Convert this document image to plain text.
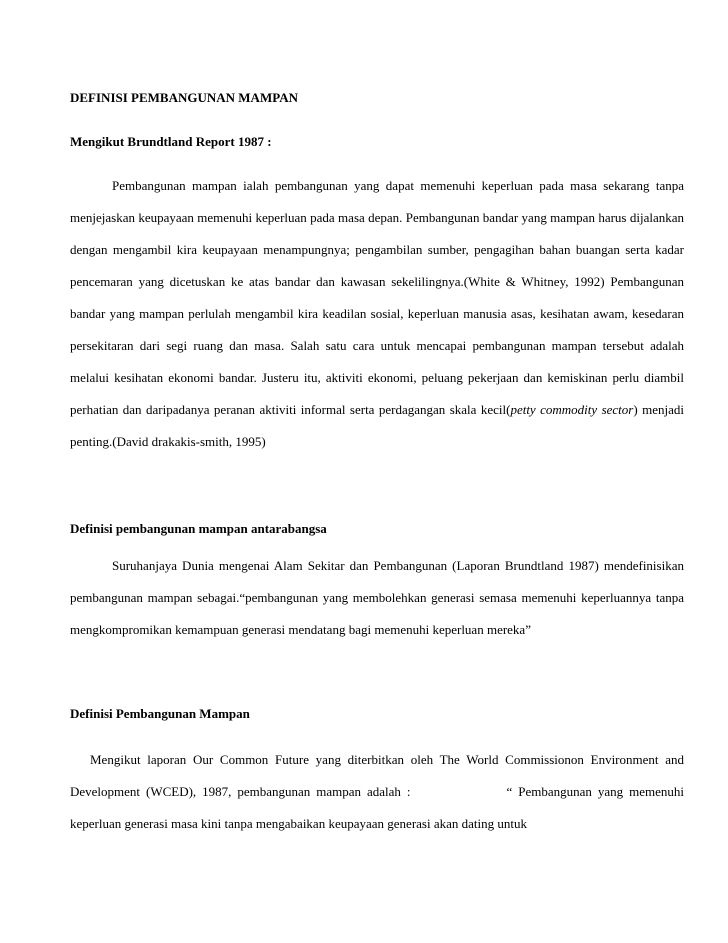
DEFINISI PEMBANGUNAN MAMPAN
Mengikut Brundtland Report 1987 :

Pembangunan mampan ialah pembangunan yang dapat memenuhi keperluan pada masa sekarang tanpa menjejaskan keupayaan memenuhi keperluan pada masa depan. Pembangunan bandar yang mampan harus dijalankan dengan mengambil kira keupayaan menampungnya; pengambilan sumber, pengagihan bahan buangan serta kadar pencemaran yang dicetuskan ke atas bandar dan kawasan sekelilingnya.(White & Whitney, 1992) Pembangunan bandar yang mampan perlulah mengambil kira keadilan sosial, keperluan manusia asas, kesihatan awam, kesedaran persekitaran dari segi ruang dan masa. Salah satu cara untuk mencapai pembangunan mampan tersebut adalah melalui kesihatan ekonomi bandar. Justeru itu, aktiviti ekonomi, peluang pekerjaan dan kemiskinan perlu diambil perhatian dan daripadanya peranan aktiviti informal serta perdagangan skala kecil(petty commodity sector) menjadi penting.(David drakakis-smith, 1995)

Definisi pembangunan mampan antarabangsa

Suruhanjaya Dunia mengenai Alam Sekitar dan Pembangunan (Laporan Brundtland 1987) mendefinisikan pembangunan mampan sebagai.“pembangunan yang membolehkan generasi semasa memenuhi keperluannya tanpa mengkompromikan kemampuan generasi mendatang bagi memenuhi keperluan mereka”

Definisi Pembangunan Mampan

Mengikut laporan Our Common Future yang diterbitkan oleh The World Commissionon Environment and Development (WCED), 1987, pembangunan mampan adalah :	“ Pembangunan yang memenuhi keperluan generasi masa kini tanpa mengabaikan keupayaan generasi akan dating untuk
